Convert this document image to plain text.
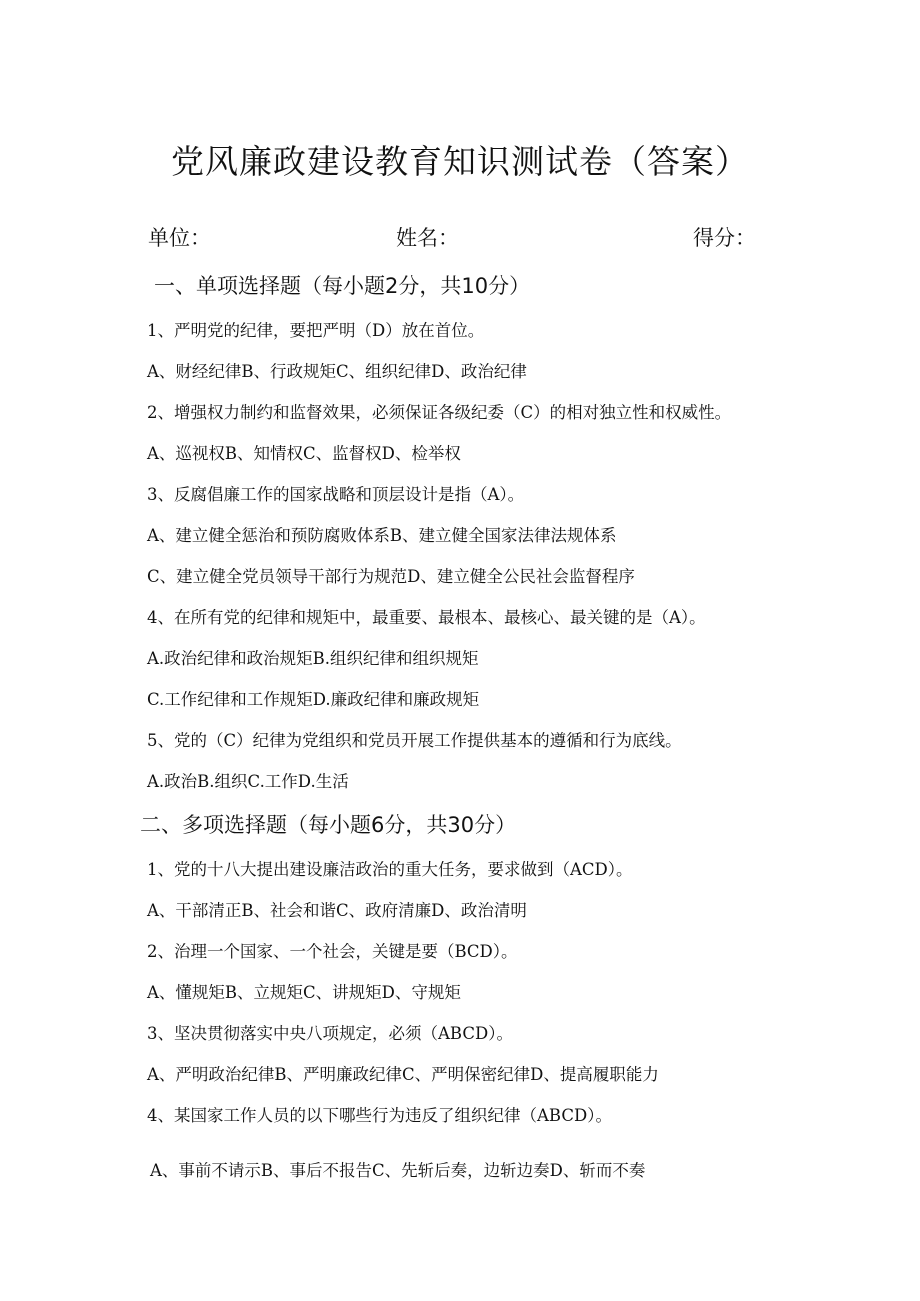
党风廉政建设教育知识测试卷（答案）
单位：	姓名：	得分：
一、单项选择题（每小题2分，共10分）
1、严明党的纪律，要把严明（D）放在首位。
A、财经纪律B、行政规矩C、组织纪律D、政治纪律
2、增强权力制约和监督效果，必须保证各级纪委（C）的相对独立性和权威性。
A、巡视权B、知情权C、监督权D、检举权
3、反腐倡廉工作的国家战略和顶层设计是指（A）。
A、建立健全惩治和预防腐败体系B、建立健全国家法律法规体系
C、建立健全党员领导干部行为规范D、建立健全公民社会监督程序
4、在所有党的纪律和规矩中，最重要、最根本、最核心、最关键的是（A）。
A.政治纪律和政治规矩B.组织纪律和组织规矩
C.工作纪律和工作规矩D.廉政纪律和廉政规矩
5、党的（C）纪律为党组织和党员开展工作提供基本的遵循和行为底线。
A.政治B.组织C.工作D.生活
二、多项选择题（每小题6分，共30分）
1、党的十八大提出建设廉洁政治的重大任务，要求做到（ACD）。
A、干部清正B、社会和谐C、政府清廉D、政治清明
2、治理一个国家、一个社会，关键是要（BCD）。
A、懂规矩B、立规矩C、讲规矩D、守规矩
3、坚决贯彻落实中央八项规定，必须（ABCD）。
A、严明政治纪律B、严明廉政纪律C、严明保密纪律D、提高履职能力
4、某国家工作人员的以下哪些行为违反了组织纪律（ABCD）。
A、事前不请示B、事后不报告C、先斩后奏，边斩边奏D、斩而不奏
